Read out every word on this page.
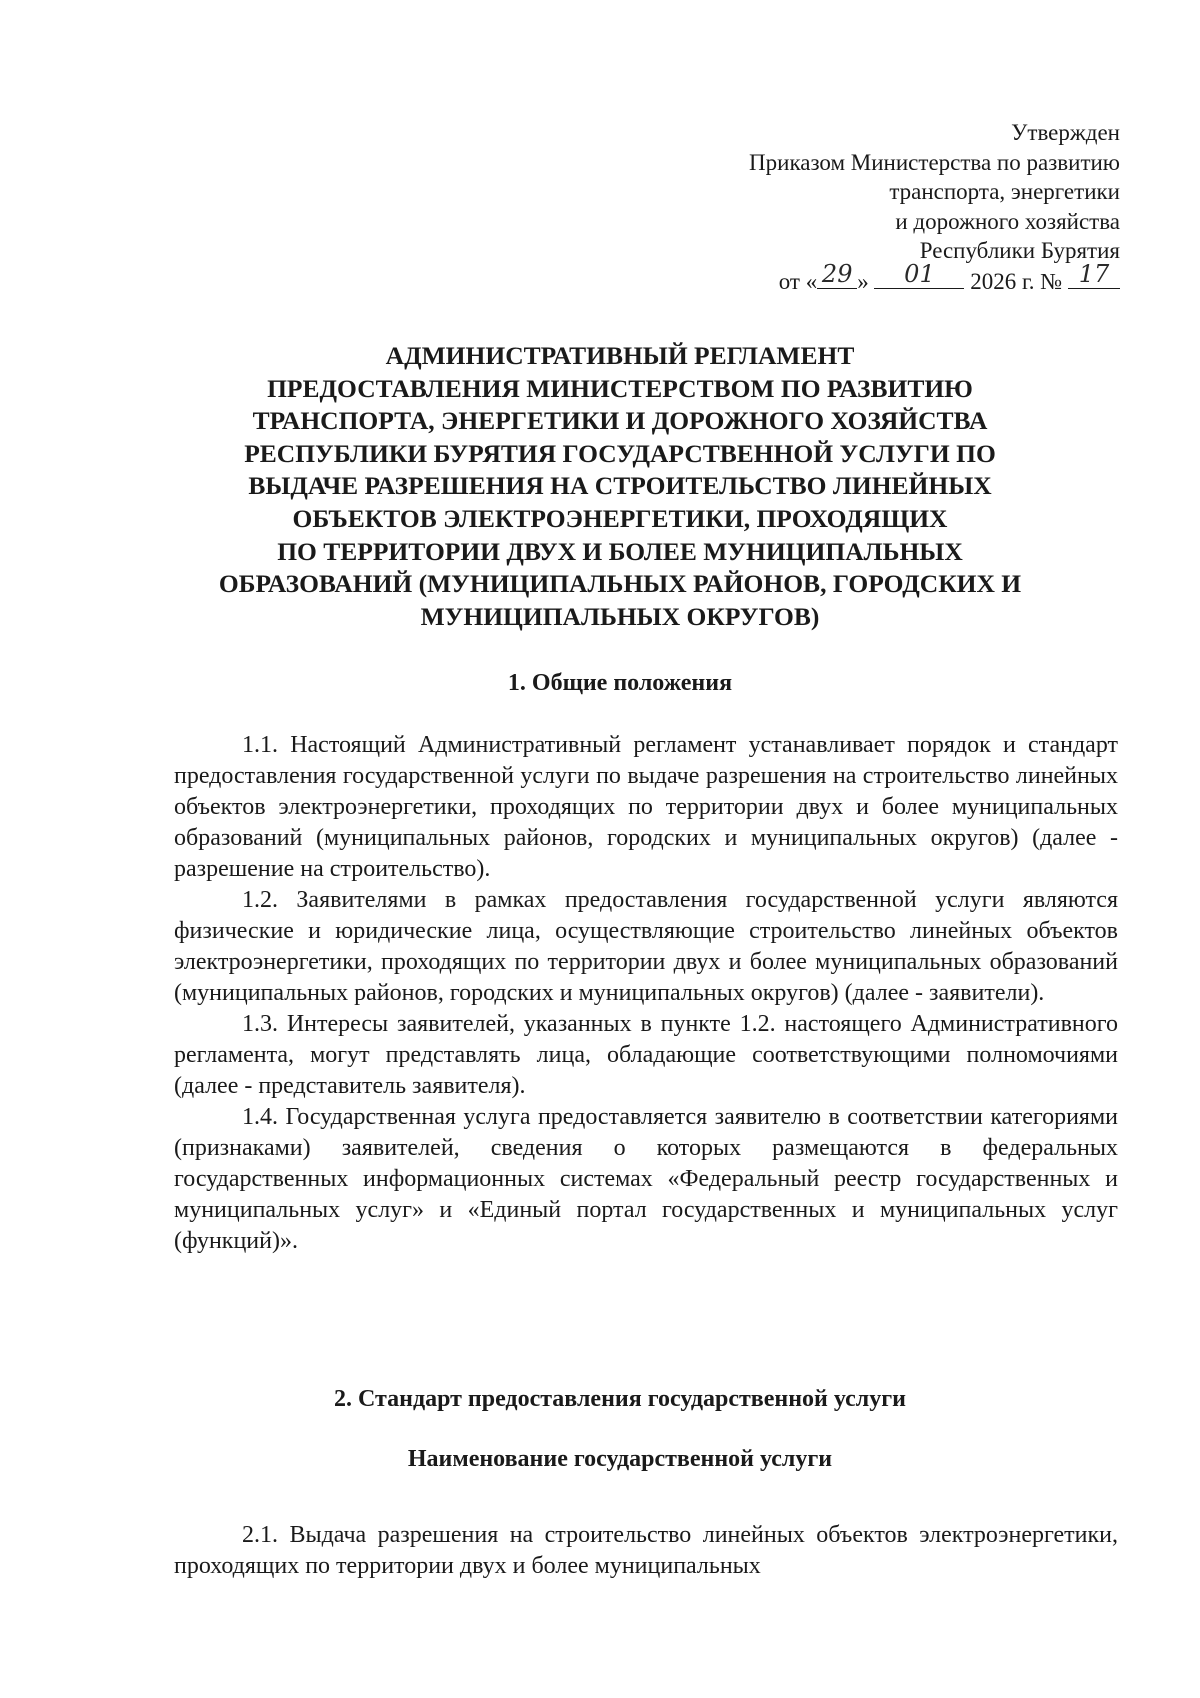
Утвержден
Приказом Министерства по развитию
транспорта, энергетики
и дорожного хозяйства
Республики Бурятия
от « 29 »	01	2026 г. № 17
АДМИНИСТРАТИВНЫЙ РЕГЛАМЕНТ
ПРЕДОСТАВЛЕНИЯ МИНИСТЕРСТВОМ ПО РАЗВИТИЮ
ТРАНСПОРТА, ЭНЕРГЕТИКИ И ДОРОЖНОГО ХОЗЯЙСТВА
РЕСПУБЛИКИ БУРЯТИЯ ГОСУДАРСТВЕННОЙ УСЛУГИ ПО
ВЫДАЧЕ РАЗРЕШЕНИЯ НА СТРОИТЕЛЬСТВО ЛИНЕЙНЫХ
ОБЪЕКТОВ ЭЛЕКТРОЭНЕРГЕТИКИ, ПРОХОДЯЩИХ
ПО ТЕРРИТОРИИ ДВУХ И БОЛЕЕ МУНИЦИПАЛЬНЫХ
ОБРАЗОВАНИЙ (МУНИЦИПАЛЬНЫХ РАЙОНОВ, ГОРОДСКИХ И
МУНИЦИПАЛЬНЫХ ОКРУГОВ)
1. Общие положения

1.1. Настоящий Административный регламент устанавливает порядок и стандарт предоставления государственной услуги по выдаче разрешения на строительство линейных объектов электроэнергетики, проходящих по территории двух и более муниципальных образований (муниципальных районов, городских и муниципальных округов) (далее - разрешение на строительство).

1.2. Заявителями в рамках предоставления государственной услуги являются физические и юридические лица, осуществляющие строительство линейных объектов электроэнергетики, проходящих по территории двух и более муниципальных образований (муниципальных районов, городских и муниципальных округов) (далее - заявители).

1.3. Интересы заявителей, указанных в пункте 1.2. настоящего Административного регламента, могут представлять лица, обладающие соответствующими полномочиями (далее - представитель заявителя).

1.4. Государственная услуга предоставляется заявителю в соответствии категориями (признаками) заявителей, сведения о которых размещаются в федеральных государственных информационных системах «Федеральный реестр государственных и муниципальных услуг» и «Единый портал государственных и муниципальных услуг (функций)».

2. Стандарт предоставления государственной услуги
Наименование государственной услуги

2.1. Выдача разрешения на строительство линейных объектов электроэнергетики, проходящих по территории двух и более муниципальных
